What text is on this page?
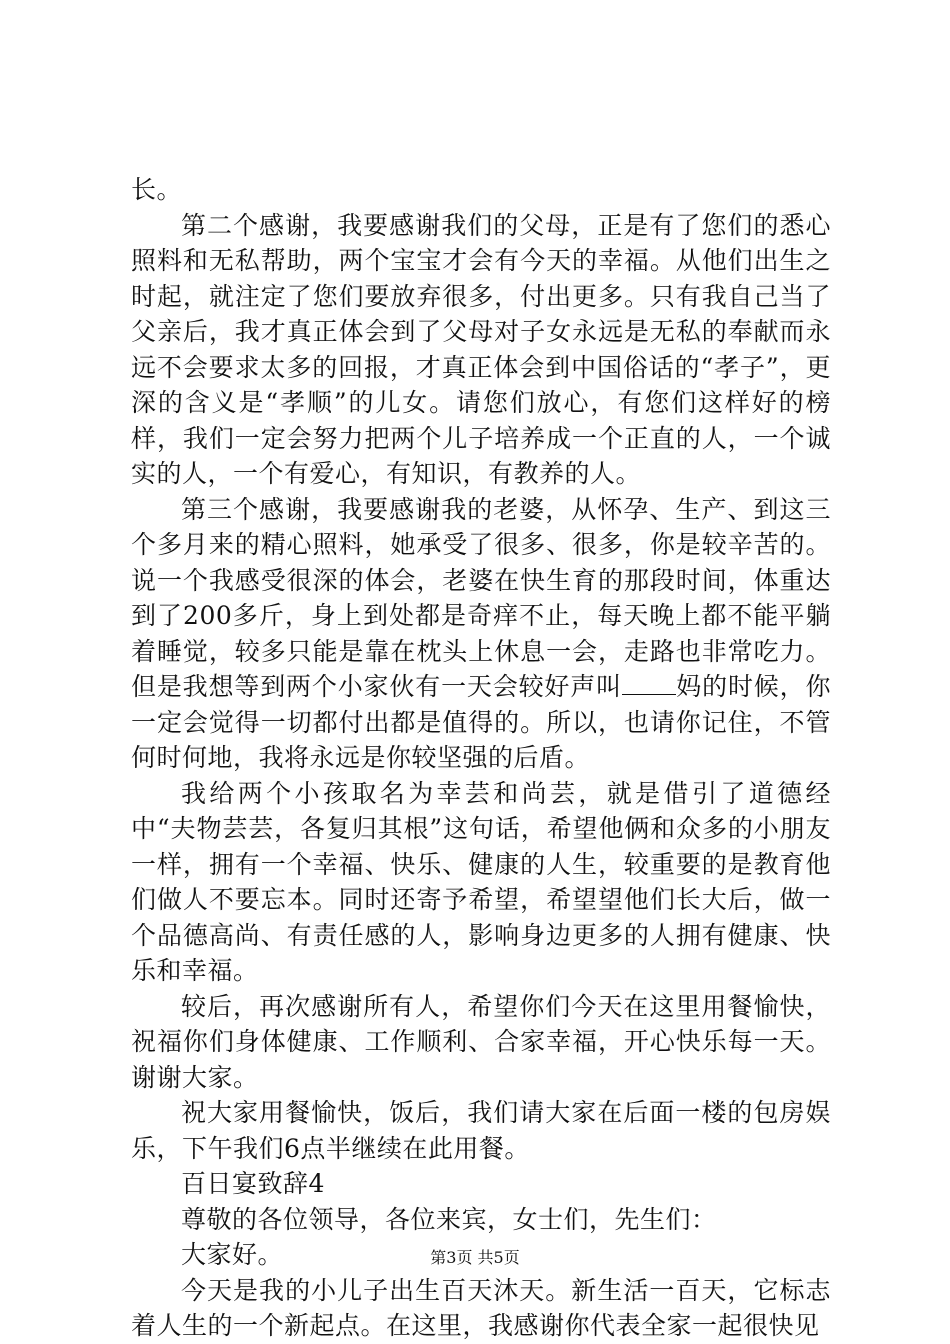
长。

第二个感谢，我要感谢我们的父母，正是有了您们的悉心照料和无私帮助，两个宝宝才会有今天的幸福。从他们出生之时起，就注定了您们要放弃很多，付出更多。只有我自己当了父亲后，我才真正体会到了父母对子女永远是无私的奉献而永远不会要求太多的回报，才真正体会到中国俗话的“孝子”，更深的含义是“孝顺”的儿女。请您们放心，有您们这样好的榜样，我们一定会努力把两个儿子培养成一个正直的人，一个诚实的人，一个有爱心，有知识，有教养的人。

第三个感谢，我要感谢我的老婆，从怀孕、生产、到这三个多月来的精心照料，她承受了很多、很多，你是较辛苦的。说一个我感受很深的体会，老婆在快生育的那段时间，体重达到了200多斤，身上到处都是奇痒不止，每天晚上都不能平躺着睡觉，较多只能是靠在枕头上休息一会，走路也非常吃力。但是我想等到两个小家伙有一天会较好声叫 妈的时候，你一定会觉得一切都付出都是值得的。所以，也请你记住，不管何时何地，我将永远是你较坚强的后盾。

我给两个小孩取名为幸芸和尚芸，就是借引了道德经中“夫物芸芸，各复归其根”这句话，希望他俩和众多的小朋友一样，拥有一个幸福、快乐、健康的人生，较重要的是教育他们做人不要忘本。同时还寄予希望，希望望他们长大后，做一个品德高尚、有责任感的人，影响身边更多的人拥有健康、快乐和幸福。

较后，再次感谢所有人，希望你们今天在这里用餐愉快，祝福你们身体健康、工作顺利、合家幸福，开心快乐每一天。谢谢大家。

祝大家用餐愉快，饭后，我们请大家在后面一楼的包房娱乐，下午我们6点半继续在此用餐。

百日宴致辞4

尊敬的各位领导，各位来宾，女士们，先生们：

大家好。

今天是我的小儿子出生百天沐天。新生活一百天，它标志着人生的一个新起点。在这里，我感谢你代表全家一起很快见

第3页 共5页
